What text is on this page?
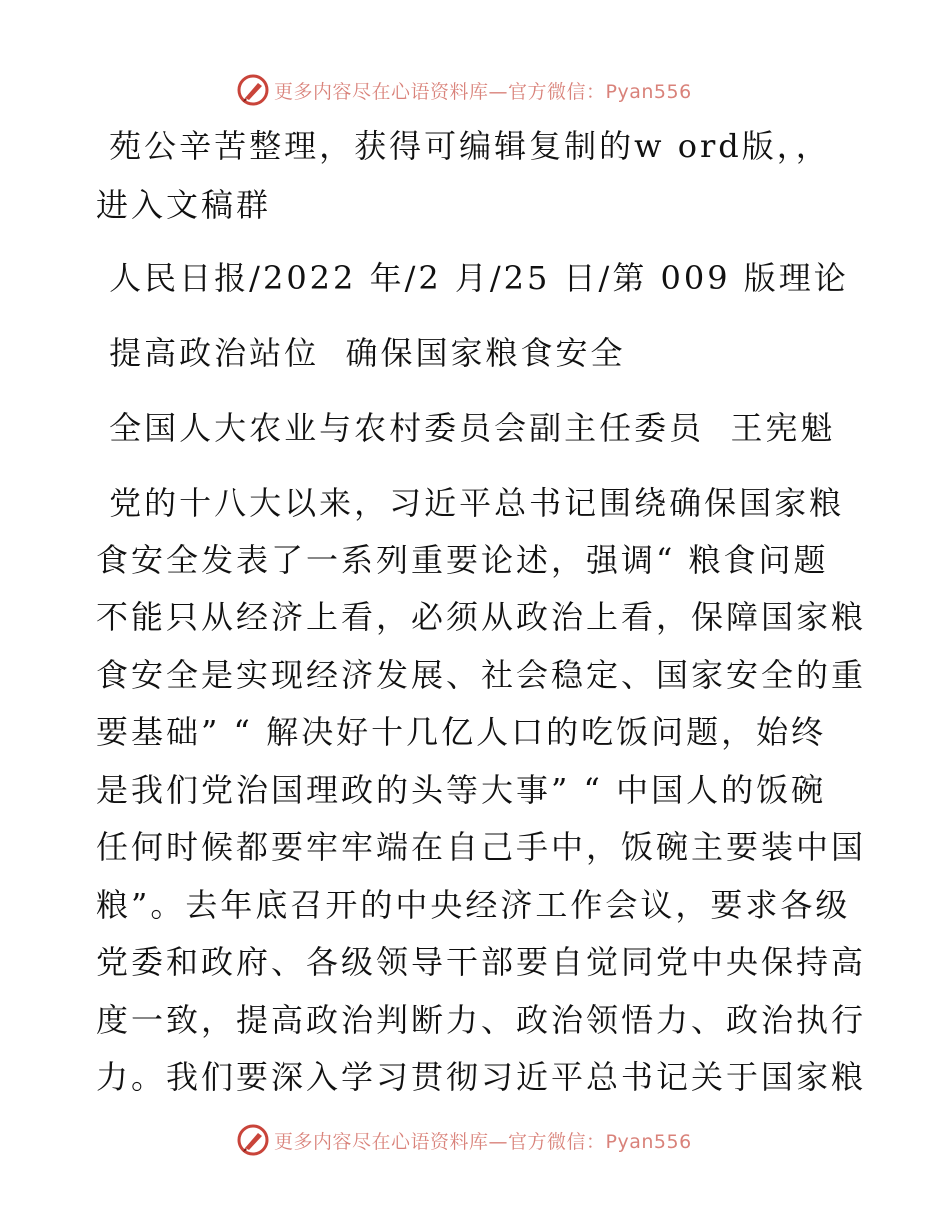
更多内容尽在心语资料库—官方微信：Pyan556
苑公辛苦整理，获得可编辑复制的w ord版，，
进入文稿群
人民日报/2022 年/2 月/25 日/第 009 版理论
提高政治站位  确保国家粮食安全
全国人大农业与农村委员会副主任委员  王宪魁
党的十八大以来，习近平总书记围绕确保国家粮
食安全发表了一系列重要论述，强调“ 粮食问题
不能只从经济上看，必须从政治上看，保障国家粮
食安全是实现经济发展、社会稳定、国家安全的重
要基础” “ 解决好十几亿人口的吃饭问题，始终
是我们党治国理政的头等大事” “ 中国人的饭碗
任何时候都要牢牢端在自己手中，饭碗主要装中国
粮”。去年底召开的中央经济工作会议，要求各级
党委和政府、各级领导干部要自觉同党中央保持高
度一致，提高政治判断力、政治领悟力、政治执行
力。我们要深入学习贯彻习近平总书记关于国家粮
更多内容尽在心语资料库—官方微信：Pyan556
